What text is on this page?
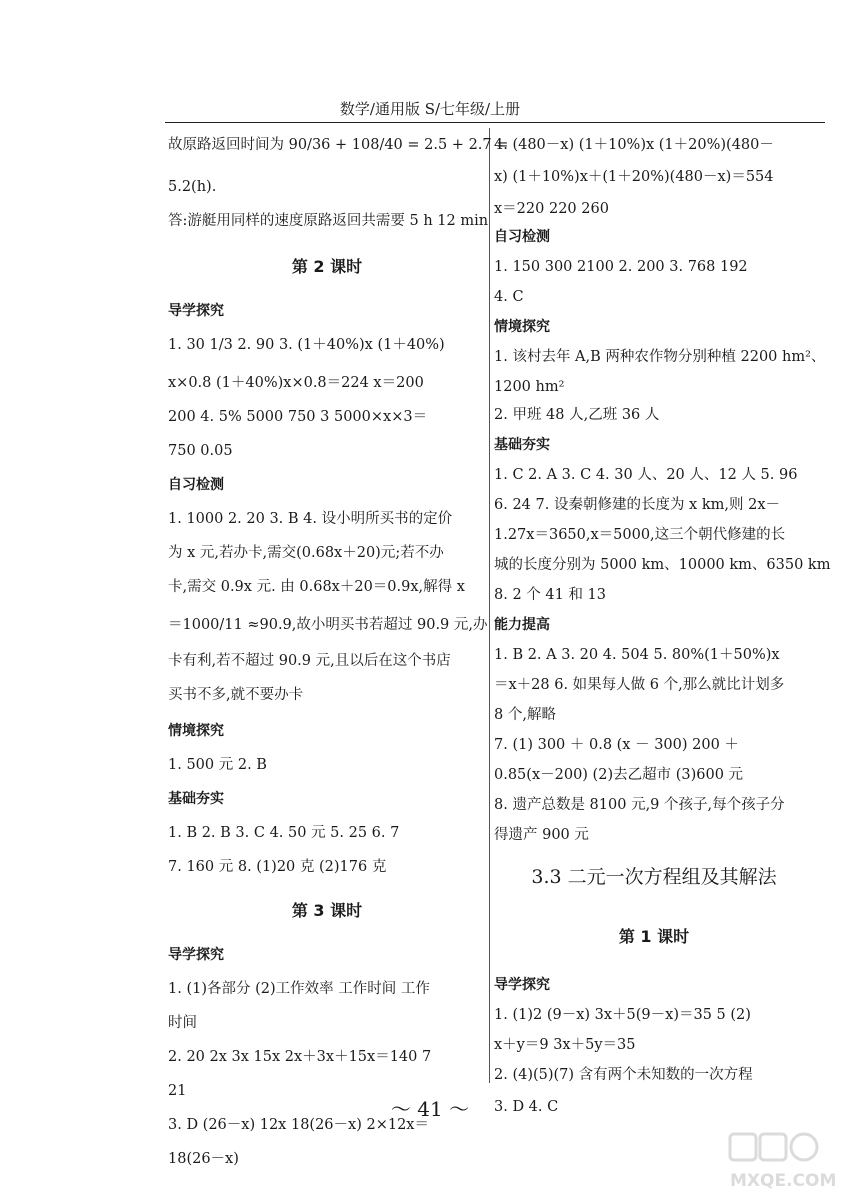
数学/通用版 S/七年级/上册
故原路返回时间为 90/36 + 108/40 = 2.5 + 2.7 =
5.2(h).
答:游艇用同样的速度原路返回共需要 5 h 12 min
第 2 课时
导学探究
1. 30 1/3 2. 90 3. (1＋40%)x (1＋40%)
x×0.8 (1＋40%)x×0.8＝224 x＝200
200 4. 5% 5000 750 3 5000×x×3＝
750 0.05
自习检测
1. 1000 2. 20 3. B 4. 设小明所买书的定价
为 x 元,若办卡,需交(0.68x＋20)元;若不办
卡,需交 0.9x 元. 由 0.68x＋20＝0.9x,解得 x
＝1000/11 ≈90.9,故小明买书若超过 90.9 元,办
卡有利,若不超过 90.9 元,且以后在这个书店
买书不多,就不要办卡
情境探究
1. 500 元 2. B
基础夯实
1. B 2. B 3. C 4. 50 元 5. 25 6. 7
7. 160 元 8. (1)20 克 (2)176 克
第 3 课时
导学探究
1. (1)各部分 (2)工作效率 工作时间 工作
时间
2. 20 2x 3x 15x 2x＋3x＋15x＝140 7
21
3. D (26－x) 12x 18(26－x) 2×12x＝
18(26－x)
4. (480－x) (1＋10%)x (1＋20%)(480－
x) (1＋10%)x＋(1＋20%)(480－x)＝554
x＝220 220 260
自习检测
1. 150 300 2100 2. 200 3. 768 192
4. C
情境探究
1. 该村去年 A,B 两种农作物分别种植 2200 hm²、
1200 hm²
2. 甲班 48 人,乙班 36 人
基础夯实
1. C 2. A 3. C 4. 30 人、20 人、12 人 5. 96
6. 24 7. 设秦朝修建的长度为 x km,则 2x－
1.27x＝3650,x＝5000,这三个朝代修建的长
城的长度分别为 5000 km、10000 km、6350 km
8. 2 个 41 和 13
能力提高
1. B 2. A 3. 20 4. 504 5. 80%(1＋50%)x
＝x＋28 6. 如果每人做 6 个,那么就比计划多
8 个,解略
7. (1) 300 ＋ 0.8 (x － 300) 200 ＋
0.85(x－200) (2)去乙超市 (3)600 元
8. 遗产总数是 8100 元,9 个孩子,每个孩子分
得遗产 900 元
3.3 二元一次方程组及其解法
第 1 课时
导学探究
1. (1)2 (9－x) 3x＋5(9－x)＝35 5 (2)
x＋y＝9 3x＋5y＝35
2. (4)(5)(7) 含有两个未知数的一次方程
3. D 4. C
～ 41 ～
MXQE.COM
